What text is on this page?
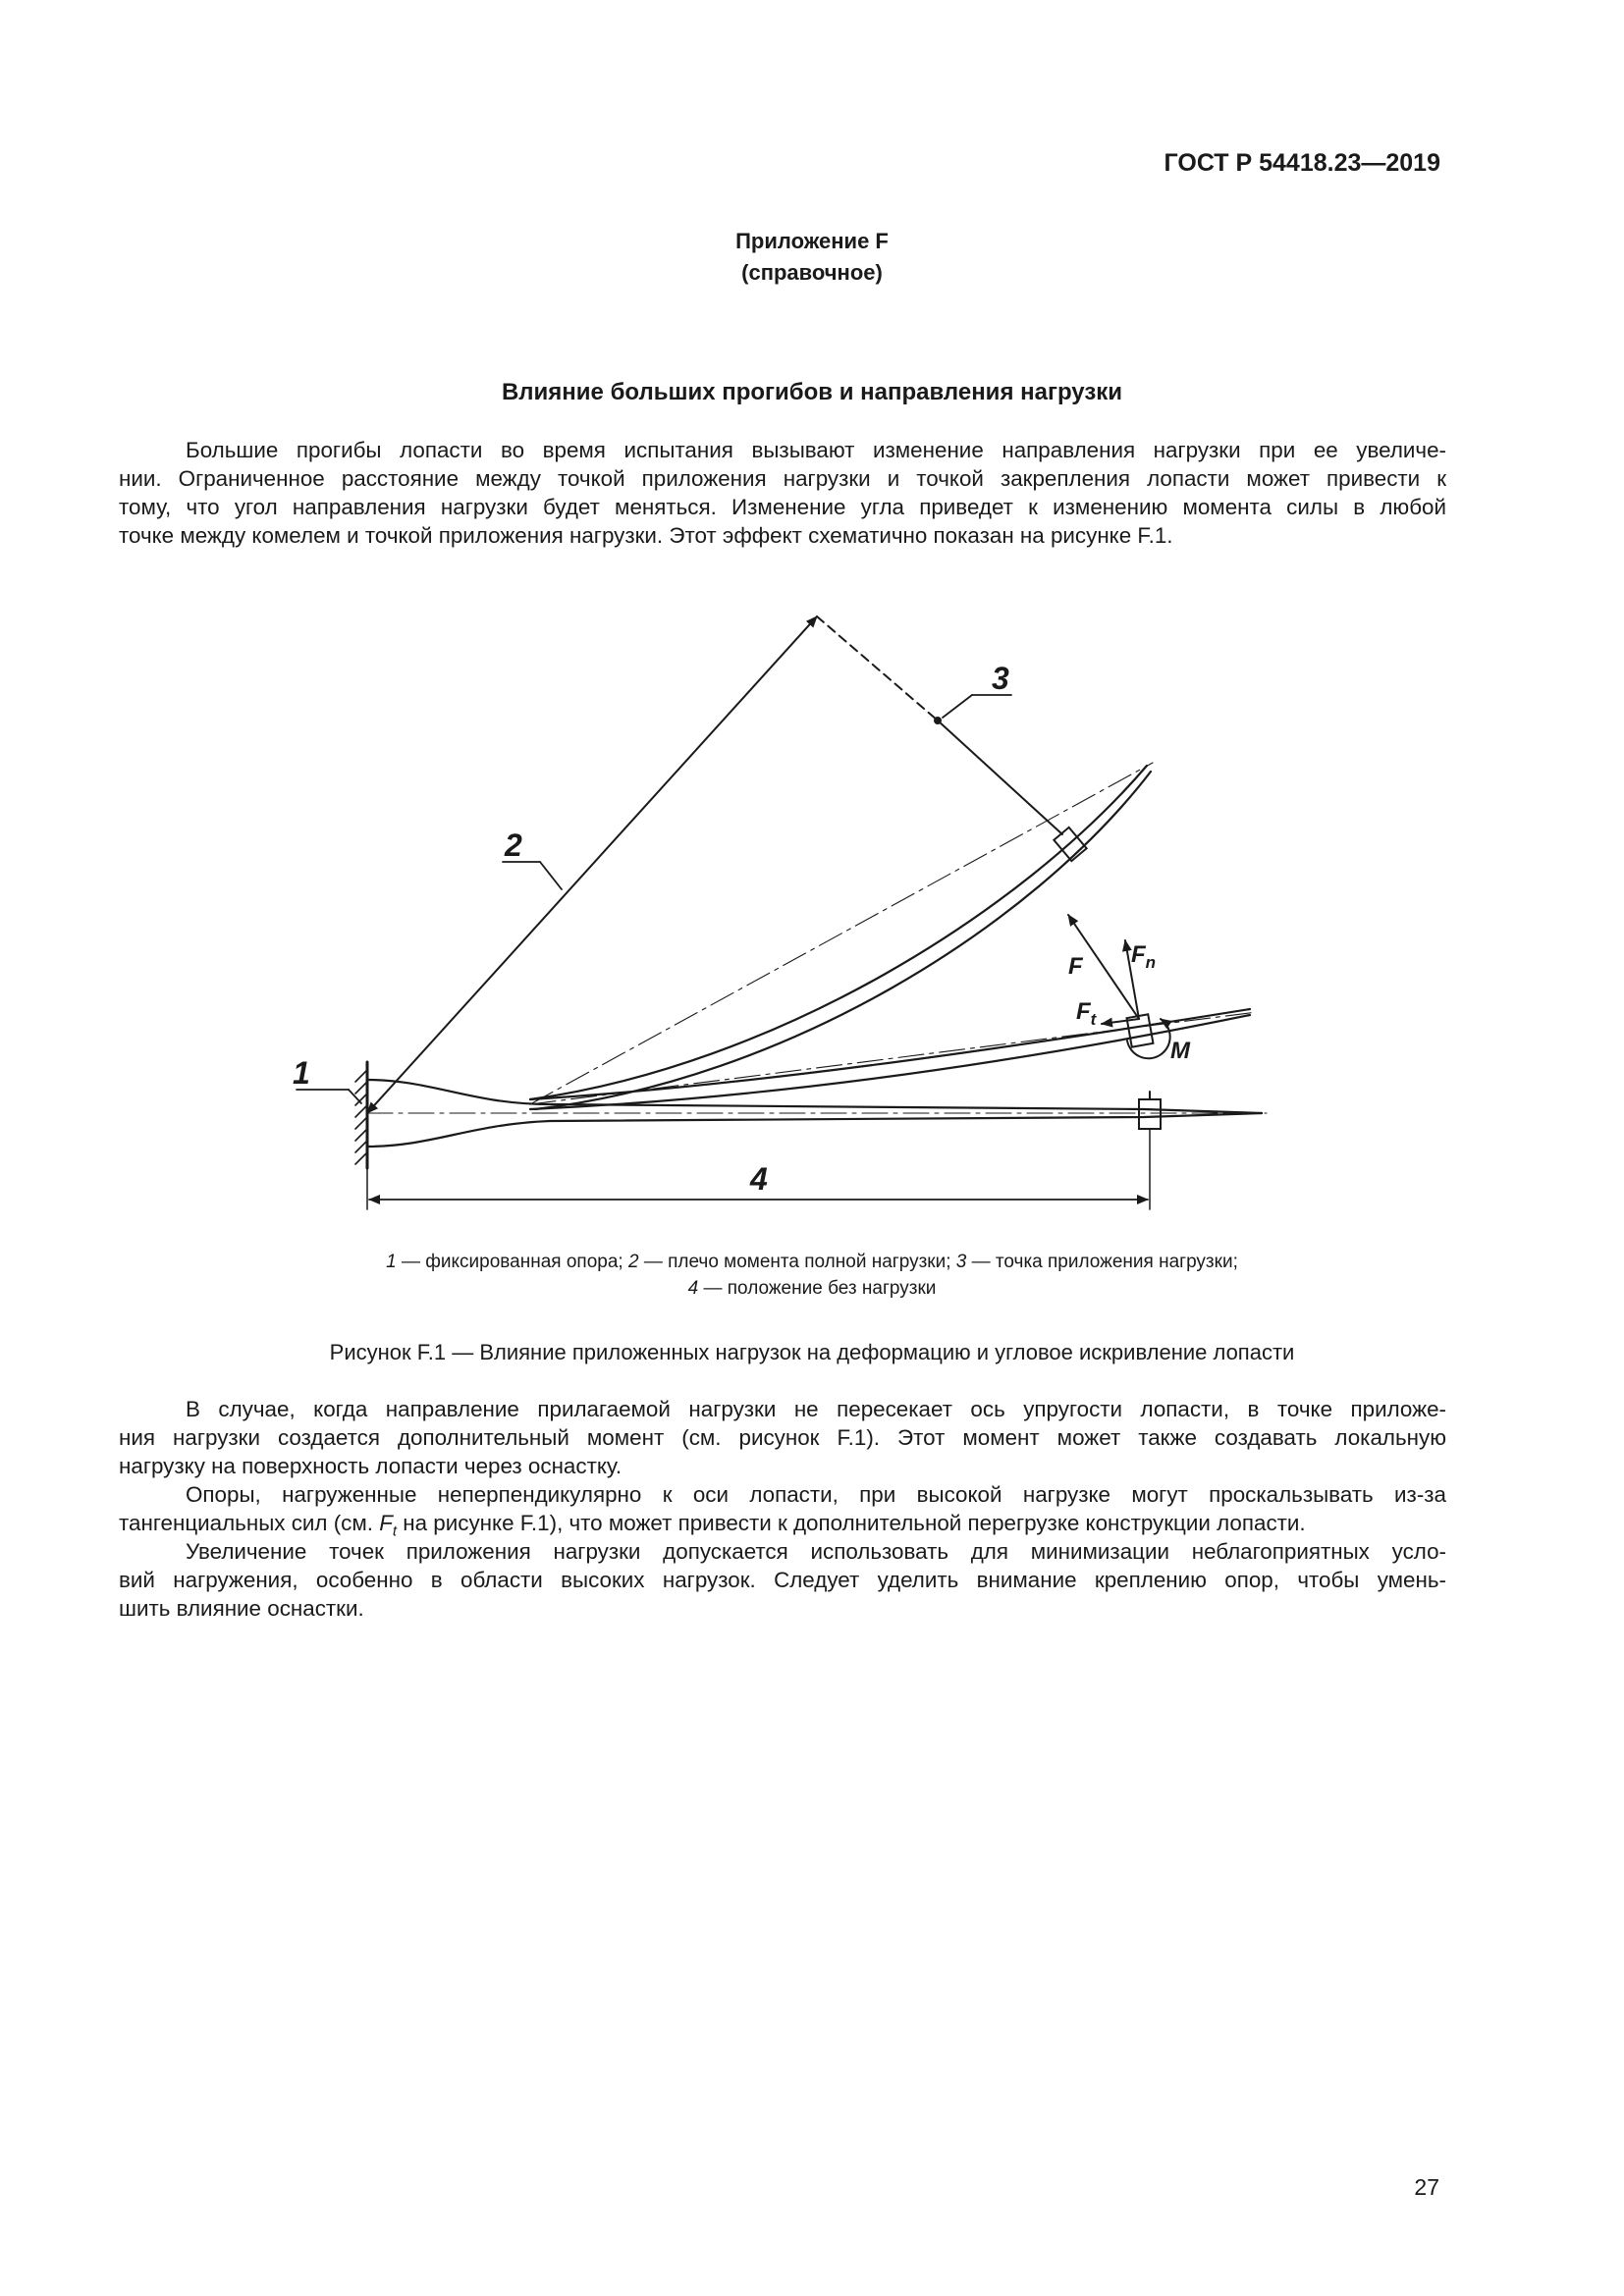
ГОСТ Р 54418.23—2019
Приложение F
(справочное)
Влияние больших прогибов и направления нагрузки
Большие прогибы лопасти во время испытания вызывают изменение направления нагрузки при ее увеличе-
нии. Ограниченное расстояние между точкой приложения нагрузки и точкой закрепления лопасти может привести к
тому, что угол направления нагрузки будет меняться. Изменение угла приведет к изменению момента силы в любой
точке между комелем и точкой приложения нагрузки. Этот эффект схематично показан на рисунке F.1.
1
2
3
4
F $F_n$
$F_t$
M
1 — фиксированная опора; 2 — плечо момента полной нагрузки; 3 — точка приложения нагрузки;
4 — положение без нагрузки
Рисунок F.1 — Влияние приложенных нагрузок на деформацию и угловое искривление лопасти
В случае, когда направление прилагаемой нагрузки не пересекает ось упругости лопасти, в точке приложе-
ния нагрузки создается дополнительный момент (см. рисунок F.1). Этот момент может также создавать локальную
нагрузку на поверхность лопасти через оснастку.
Опоры, нагруженные неперпендикулярно к оси лопасти, при высокой нагрузке могут проскальзывать из-за
тангенциальных сил (см. $F_t$ на рисунке F.1), что может привести к дополнительной перегрузке конструкции лопасти.
Увеличение точек приложения нагрузки допускается использовать для минимизации неблагоприятных усло-
вий нагружения, особенно в области высоких нагрузок. Следует уделить внимание креплению опор, чтобы умень-
шить влияние оснастки.
27
